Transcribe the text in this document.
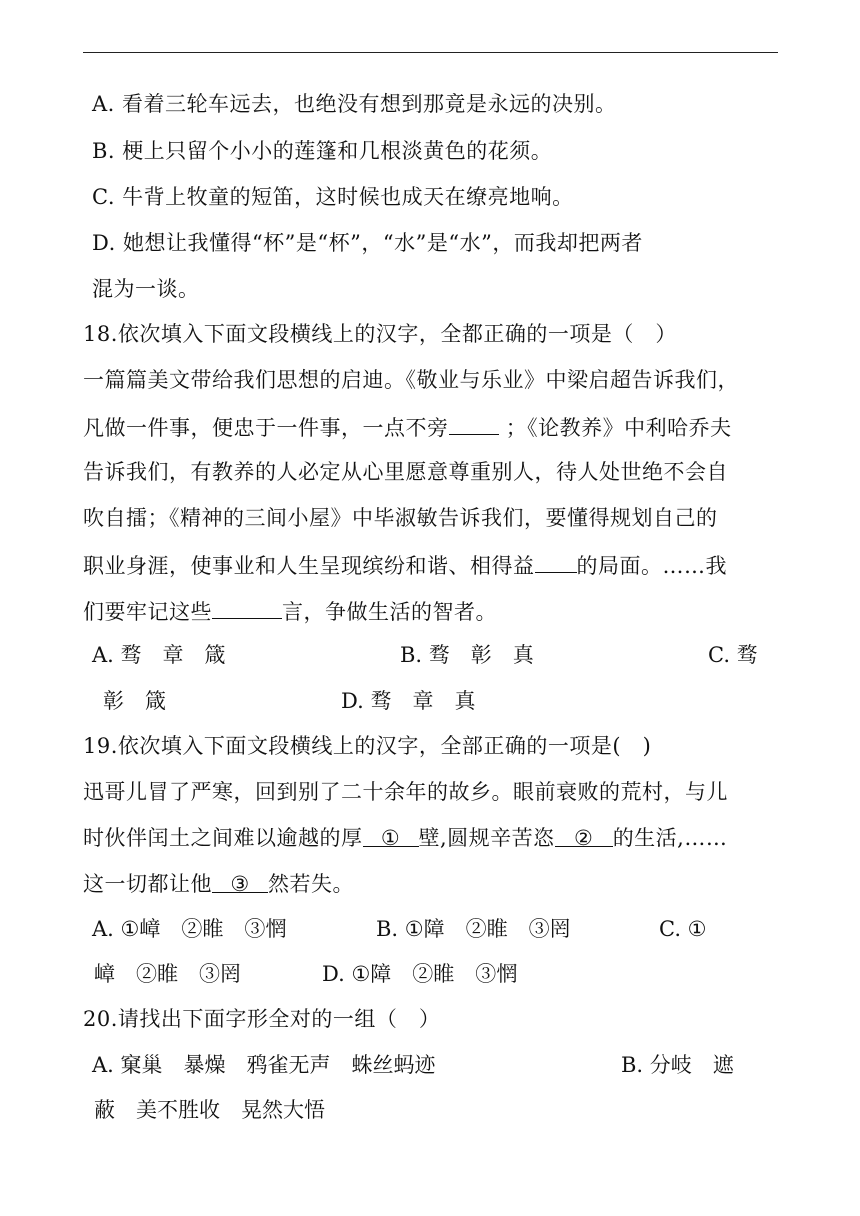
A. 看着三轮车远去，也绝没有想到那竟是永远的决别。
B. 梗上只留个小小的莲篷和几根淡黄色的花须。
C. 牛背上牧童的短笛，这时候也成天在缭亮地响。
D. 她想让我懂得“杯”是“杯”，“水”是“水”，而我却把两者
混为一谈。
18.依次填入下面文段横线上的汉字，全都正确的一项是（　）
一篇篇美文带给我们思想的启迪。《敬业与乐业》中梁启超告诉我们，
凡做一件事，便忠于一件事，一点不旁	；《论教养》中利哈乔夫
告诉我们，有教养的人必定从心里愿意尊重别人，待人处世绝不会自
吹自擂；《精神的三间小屋》中毕淑敏告诉我们，要懂得规划自己的
职业身涯，使事业和人生呈现缤纷和谐、相得益 的局面。……我
们要牢记这些	言，争做生活的智者。
A. 骛　章　箴	B. 骛　彰　真	C. 骛
彰　箴	D. 骛　章　真
19.依次填入下面文段横线上的汉字，全部正确的一项是(　)
迅哥儿冒了严寒，回到别了二十余年的故乡。眼前衰败的荒村，与儿
时伙伴闰土之间难以逾越的厚 ① 壁,圆规辛苦恣 ② 的生活,……
这一切都让他 ③ 然若失。
A. ①嶂　②睢　③惘	B. ①障　②睢　③罔	C. ①
嶂　②睢　③罔	D. ①障　②睢　③惘
20.请找出下面字形全对的一组（　）
A. 窠巢　暴燥　鸦雀无声　蛛丝蚂迹	B. 分岐　遮
蔽　美不胜收　晃然大悟
